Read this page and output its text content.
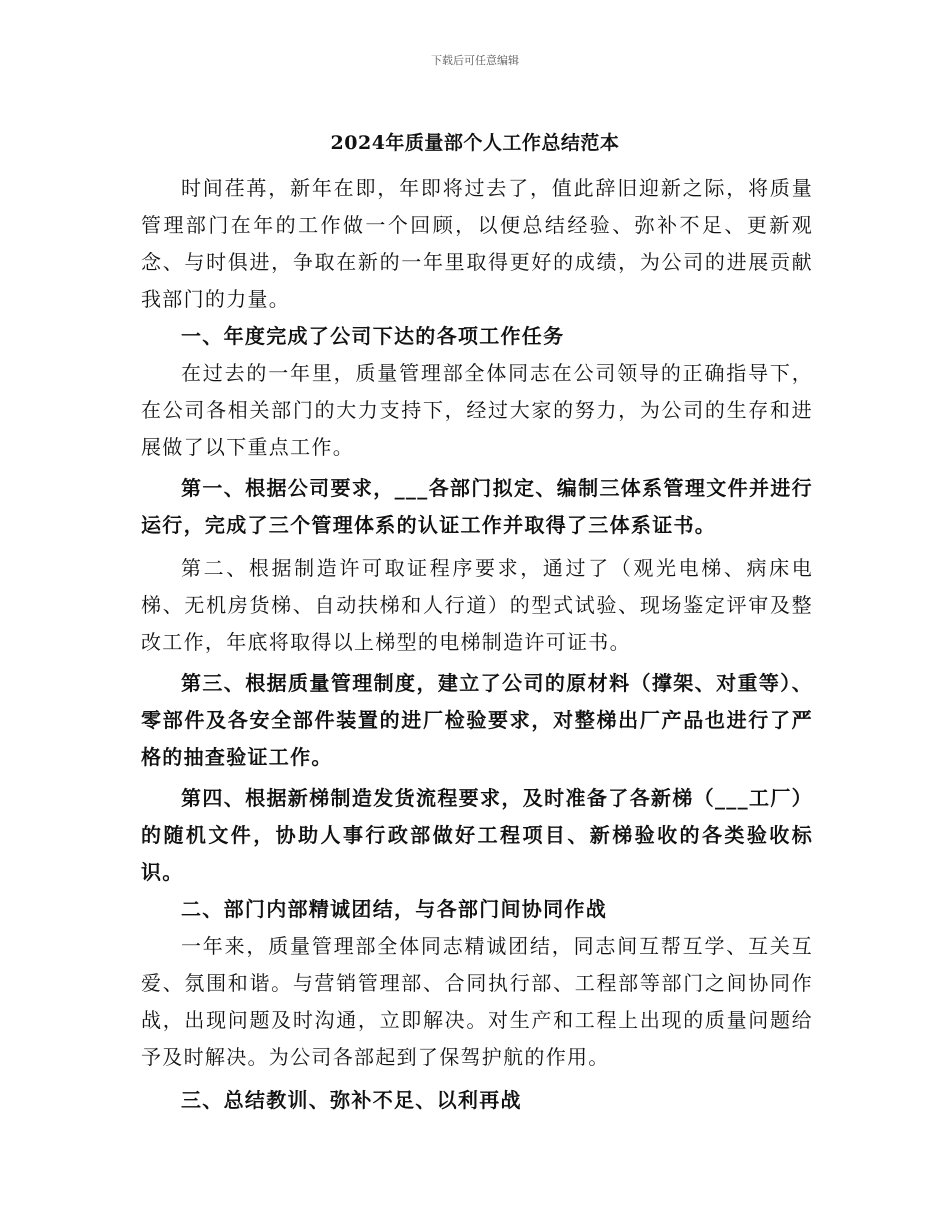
下载后可任意编辑
2024年质量部个人工作总结范本

时间荏苒，新年在即，年即将过去了，值此辞旧迎新之际，将质量管理部门在年的工作做一个回顾，以便总结经验、弥补不足、更新观念、与时俱进，争取在新的一年里取得更好的成绩，为公司的进展贡献我部门的力量。

一、年度完成了公司下达的各项工作任务

在过去的一年里，质量管理部全体同志在公司领导的正确指导下，在公司各相关部门的大力支持下，经过大家的努力，为公司的生存和进展做了以下重点工作。

第一、根据公司要求，___各部门拟定、编制三体系管理文件并进行运行，完成了三个管理体系的认证工作并取得了三体系证书。

第二、根据制造许可取证程序要求，通过了（观光电梯、病床电梯、无机房货梯、自动扶梯和人行道）的型式试验、现场鉴定评审及整改工作，年底将取得以上梯型的电梯制造许可证书。

第三、根据质量管理制度，建立了公司的原材料（撑架、对重等）、零部件及各安全部件装置的进厂检验要求，对整梯出厂产品也进行了严格的抽查验证工作。

第四、根据新梯制造发货流程要求，及时准备了各新梯（___工厂）的随机文件，协助人事行政部做好工程项目、新梯验收的各类验收标识。

二、部门内部精诚团结，与各部门间协同作战

一年来，质量管理部全体同志精诚团结，同志间互帮互学、互关互爱、氛围和谐。与营销管理部、合同执行部、工程部等部门之间协同作战，出现问题及时沟通，立即解决。对生产和工程上出现的质量问题给予及时解决。为公司各部起到了保驾护航的作用。

三、总结教训、弥补不足、以利再战
